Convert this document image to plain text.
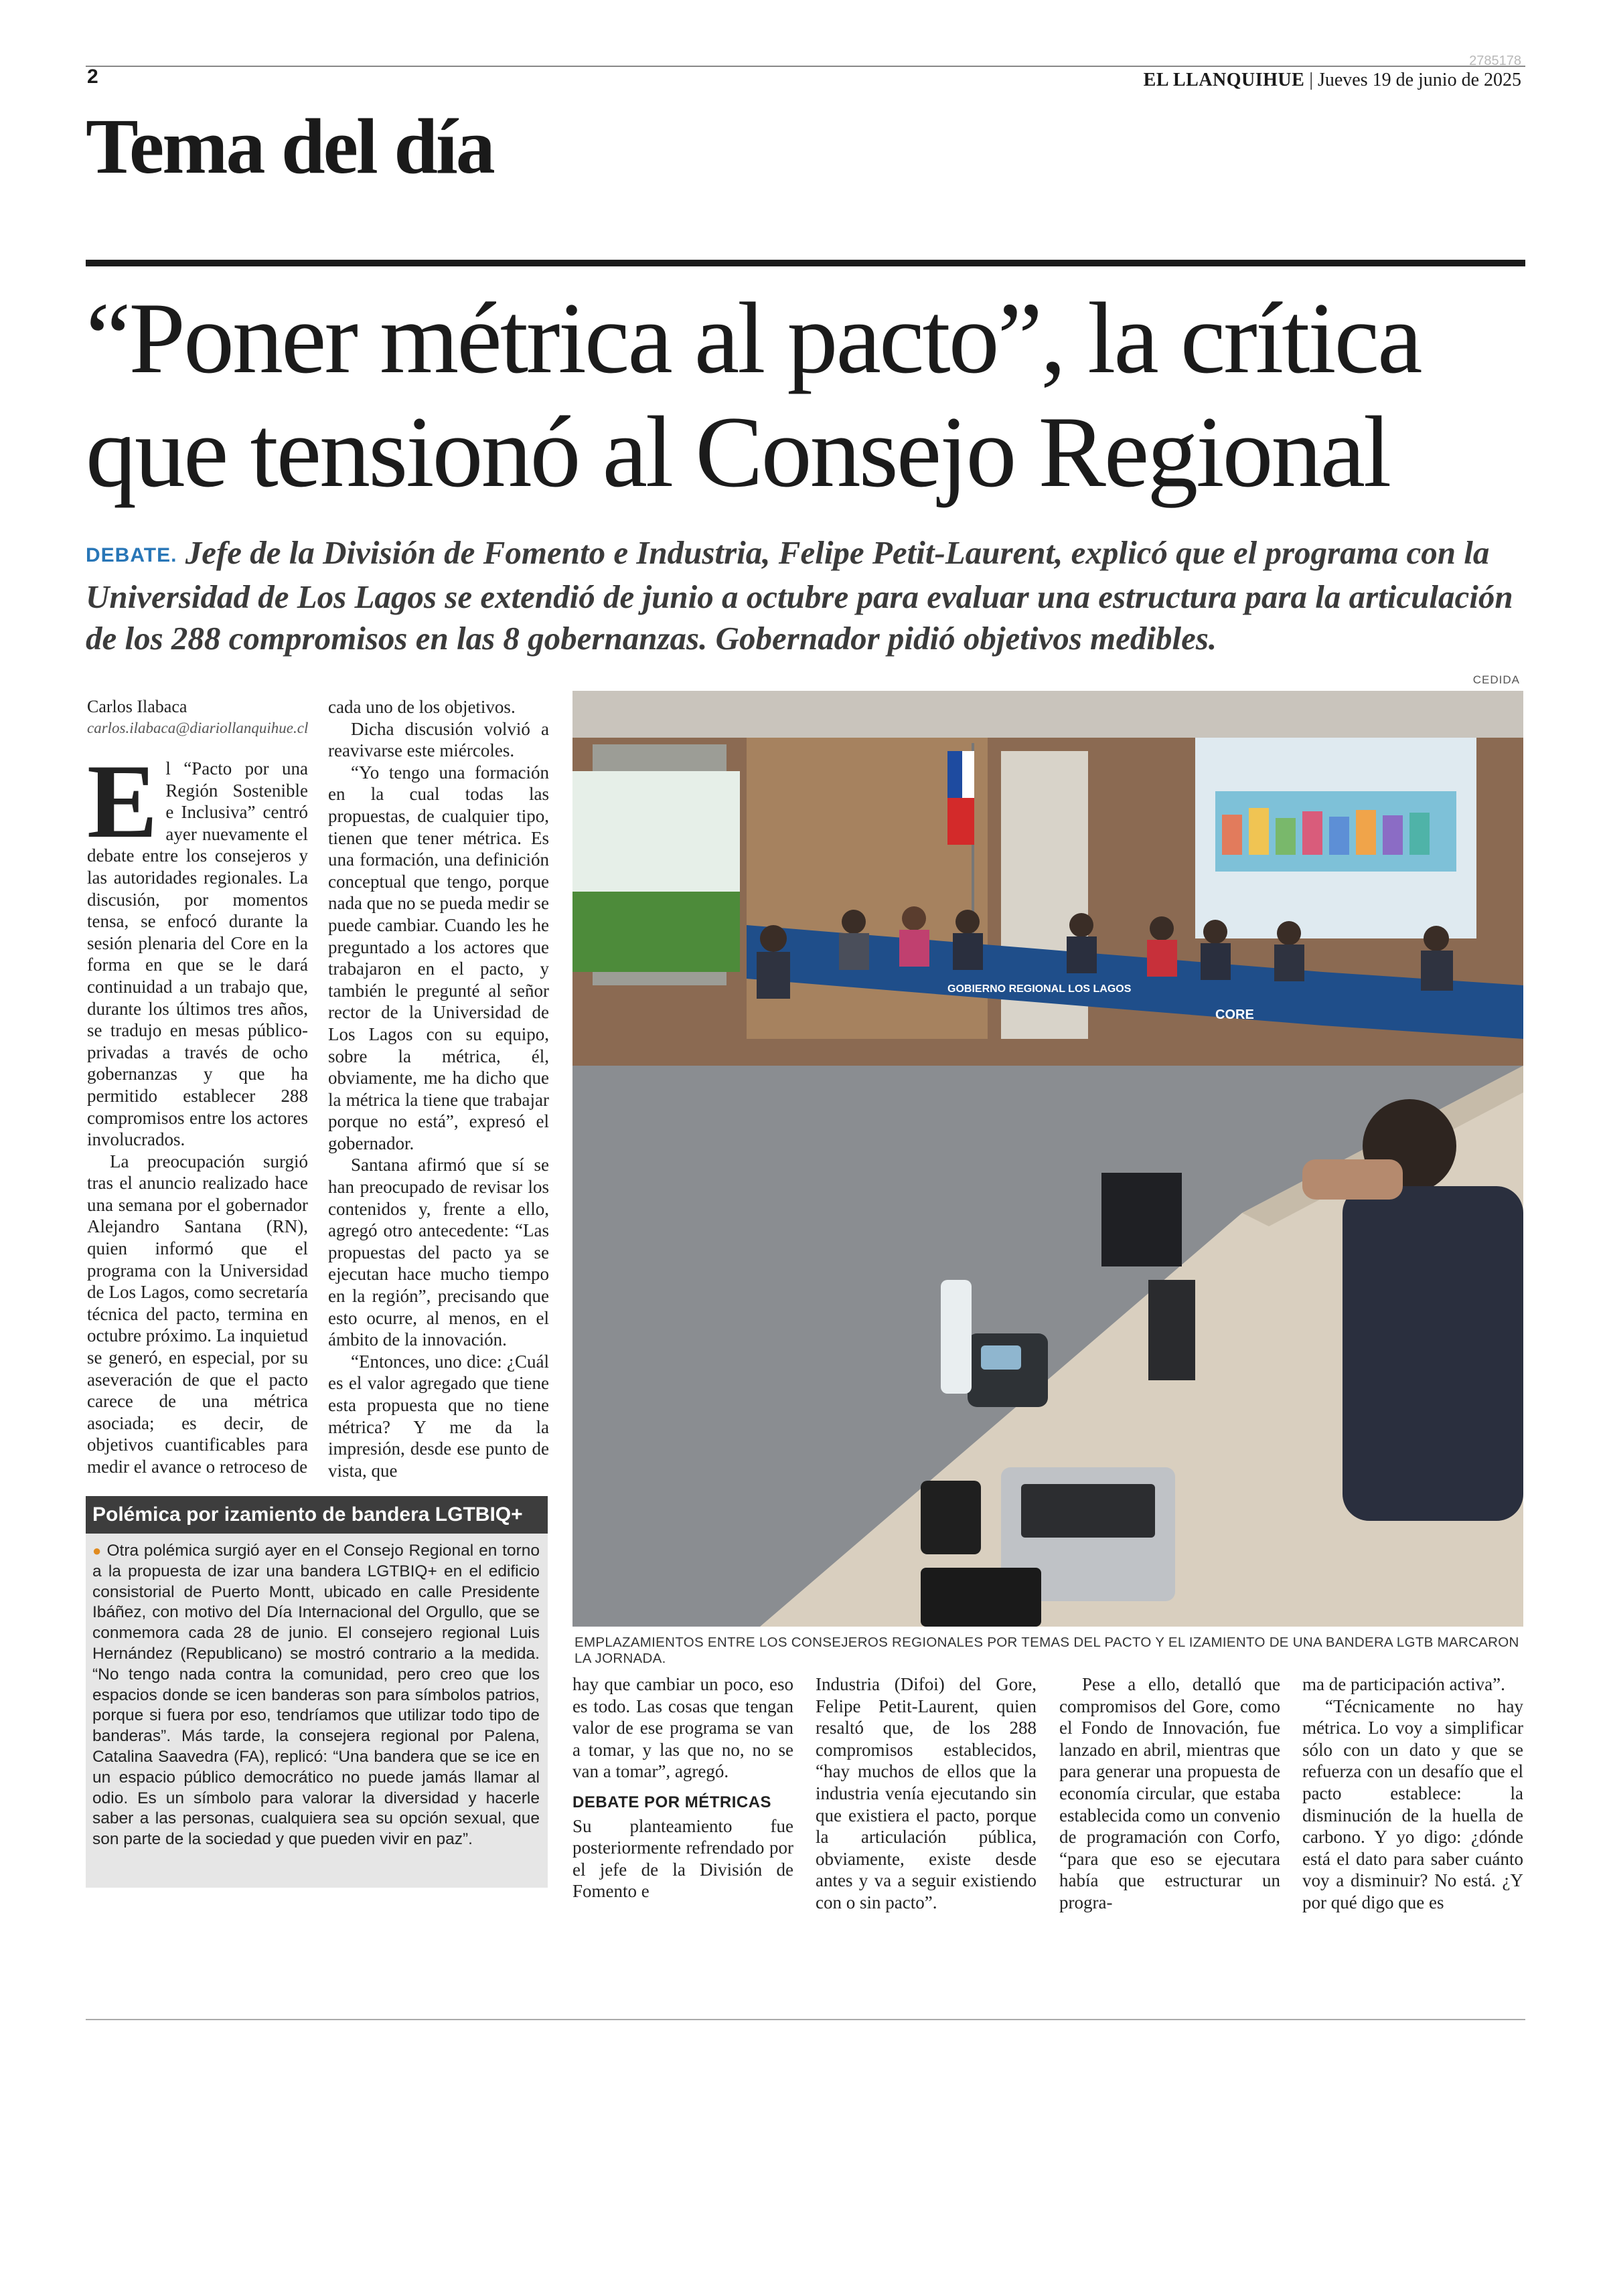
2
2785178
EL LLANQUIHUE | Jueves 19 de junio de 2025
Tema del día
“Poner métrica al pacto”, la crítica que tensionó al Consejo Regional
DEBATE. Jefe de la División de Fomento e Industria, Felipe Petit-Laurent, explicó que el programa con la Universidad de Los Lagos se extendió de junio a octubre para evaluar una estructura para la articulación de los 288 compromisos en las 8 gobernanzas. Gobernador pidió objetivos medibles.
Carlos Ilabaca
carlos.ilabaca@diariollanquihue.cl

El “Pacto por una Región Sostenible e Inclusiva” centró ayer nuevamente el debate entre los consejeros y las autoridades regionales. La discusión, por momentos tensa, se enfocó durante la sesión plenaria del Core en la forma en que se le dará continuidad a un trabajo que, durante los últimos tres años, se tradujo en mesas público-privadas a través de ocho gobernanzas y que ha permitido establecer 288 compromisos entre los actores involucrados.

La preocupación surgió tras el anuncio realizado hace una semana por el gobernador Alejandro Santana (RN), quien informó que el programa con la Universidad de Los Lagos, como secretaría técnica del pacto, termina en octubre próximo. La inquietud se generó, en especial, por su aseveración de que el pacto carece de una métrica asociada; es decir, de objetivos cuantificables para medir el avance o retroceso de

cada uno de los objetivos.

Dicha discusión volvió a reavivarse este miércoles.

“Yo tengo una formación en la cual todas las propuestas, de cualquier tipo, tienen que tener métrica. Es una formación, una definición conceptual que tengo, porque nada que no se pueda medir se puede cambiar. Cuando les he preguntado a los actores que trabajaron en el pacto, y también le pregunté al señor rector de la Universidad de Los Lagos con su equipo, sobre la métrica, él, obviamente, me ha dicho que la métrica la tiene que trabajar porque no está”, expresó el gobernador.

Santana afirmó que sí se han preocupado de revisar los contenidos y, frente a ello, agregó otro antecedente: “Las propuestas del pacto ya se ejecutan hace mucho tiempo en la región”, precisando que esto ocurre, al menos, en el ámbito de la innovación.

“Entonces, uno dice: ¿Cuál es el valor agregado que tiene esta propuesta que no tiene métrica? Y me da la impresión, desde ese punto de vista, que

CEDIDA
GOBIERNO REGIONAL LOS LAGOS
CORE
EMPLAZAMIENTOS ENTRE LOS CONSEJEROS REGIONALES POR TEMAS DEL PACTO Y EL IZAMIENTO DE UNA BANDERA LGTB MARCARON LA JORNADA.

hay que cambiar un poco, eso es todo. Las cosas que tengan valor de ese programa se van a tomar, y las que no, no se van a tomar”, agregó.

DEBATE POR MÉTRICAS

Su planteamiento fue posteriormente refrendado por el jefe de la División de Fomento e

Industria (Difoi) del Gore, Felipe Petit-Laurent, quien resaltó que, de los 288 compromisos establecidos, “hay muchos de ellos que la industria venía ejecutando sin que existiera el pacto, porque la articulación pública, obviamente, existe desde antes y va a seguir existiendo con o sin pacto”.

Pese a ello, detalló que compromisos del Gore, como el Fondo de Innovación, fue lanzado en abril, mientras que para generar una propuesta de economía circular, que estaba establecida como un convenio de programación con Corfo, “para que eso se ejecutara había que estructurar un progra-

ma de participación activa”.

“Técnicamente no hay métrica. Lo voy a simplificar sólo con un dato y que se refuerza con un desafío que el pacto establece: la disminución de la huella de carbono. Y yo digo: ¿dónde está el dato para saber cuánto voy a disminuir? No está. ¿Y por qué digo que es

Polémica por izamiento de bandera LGTBIQ+
● Otra polémica surgió ayer en el Consejo Regional en torno a la propuesta de izar una bandera LGTBIQ+ en el edificio consistorial de Puerto Montt, ubicado en calle Presidente Ibáñez, con motivo del Día Internacional del Orgullo, que se conmemora cada 28 de junio. El consejero regional Luis Hernández (Republicano) se mostró contrario a la medida. “No tengo nada contra la comunidad, pero creo que los espacios donde se icen banderas son para símbolos patrios, porque si fuera por eso, tendríamos que utilizar todo tipo de banderas”. Más tarde, la consejera regional por Palena, Catalina Saavedra (FA), replicó: “Una bandera que se ice en un espacio público democrático no puede jamás llamar al odio. Es un símbolo para valorar la diversidad y hacerle saber a las personas, cualquiera sea su opción sexual, que son parte de la sociedad y que pueden vivir en paz”.
